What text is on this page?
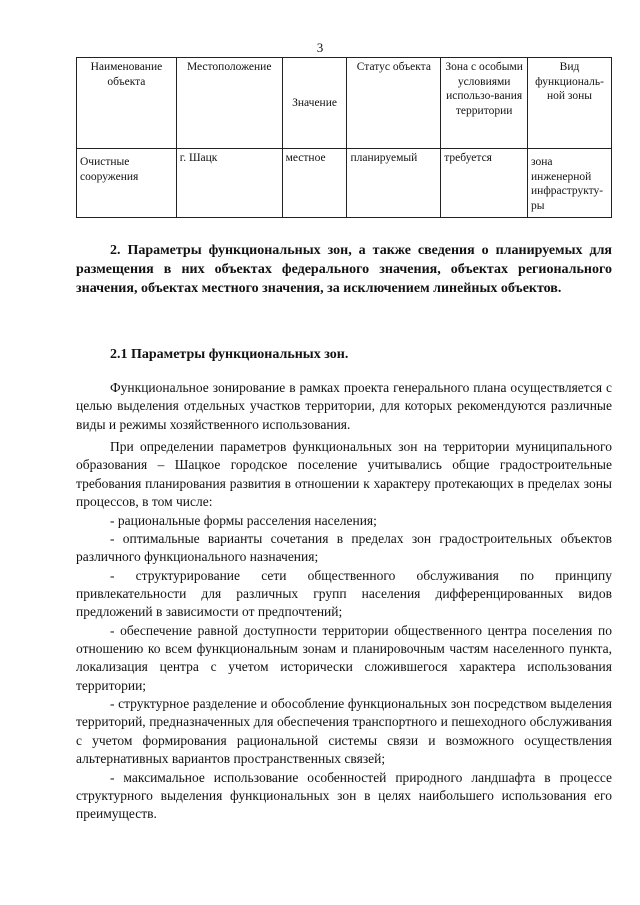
3
Наименование объекта	Местоположение	Значение	Статус объекта	Зона с особыми условиями использо-вания территории	Вид функциональ-ной зоны
Очистные сооружения	г. Шацк	местное	планируемый	требуется	зона инженерной инфраструкту-ры
2. Параметры функциональных зон, а также сведения о планируемых для размещения в них объектах федерального значения, объектах регионального значения, объектах местного значения, за исключением линейных объектов.
2.1 Параметры функциональных зон.

Функциональное зонирование в рамках проекта генерального плана осуществляется с целью выделения отдельных участков территории, для которых рекомендуются различные виды и режимы хозяйственного использования.

При определении параметров функциональных зон на территории муниципального образования – Шацкое городское поселение учитывались общие градостроительные требования планирования развития в отношении к характеру протекающих в пределах зоны процессов, в том числе:

- рациональные формы расселения населения;

- оптимальные варианты сочетания в пределах зон градостроительных объектов различного функционального назначения;

- структурирование сети общественного обслуживания по принципу привлекательности для различных групп населения дифференцированных видов предложений в зависимости от предпочтений;

- обеспечение равной доступности территории общественного центра поселения по отношению ко всем функциональным зонам и планировочным частям населенного пункта, локализация центра с учетом исторически сложившегося характера использования территории;

- структурное разделение и обособление функциональных зон посредством выделения территорий, предназначенных для обеспечения транспортного и пешеходного обслуживания с учетом формирования рациональной системы связи и возможного осуществления альтернативных вариантов пространственных связей;

- максимальное использование особенностей природного ландшафта в процессе структурного выделения функциональных зон в целях наибольшего использования его преимуществ.
